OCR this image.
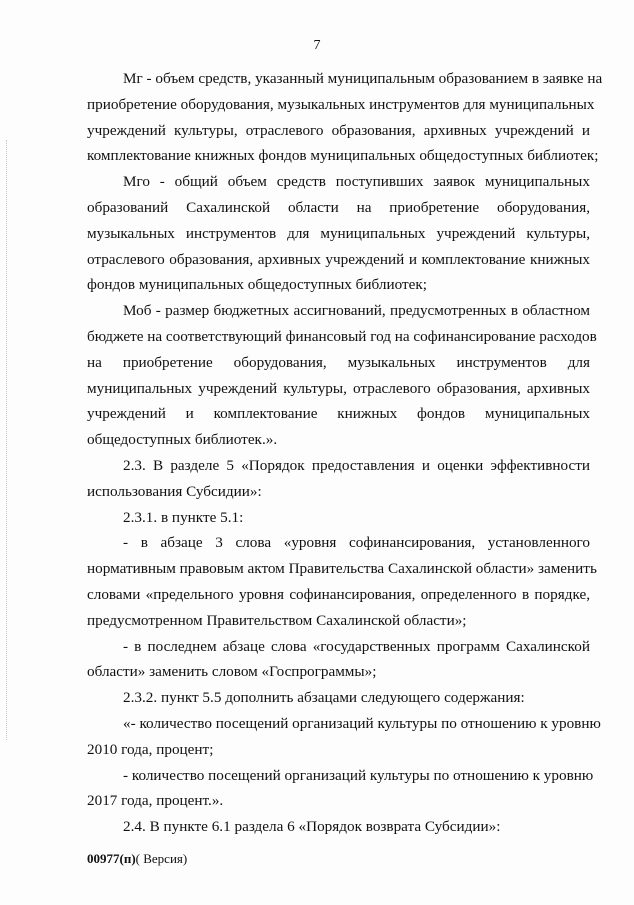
7
Мг - объем средств, указанный муниципальным образованием в заявке на
приобретение оборудования, музыкальных инструментов для муниципальных
учреждений культуры, отраслевого образования, архивных учреждений и
комплектование книжных фондов муниципальных общедоступных библиотек;
Мго - общий объем средств поступивших заявок муниципальных
образований Сахалинской области на приобретение оборудования,
музыкальных инструментов для муниципальных учреждений культуры,
отраслевого образования, архивных учреждений и комплектование книжных
фондов муниципальных общедоступных библиотек;
Моб - размер бюджетных ассигнований, предусмотренных в областном
бюджете на соответствующий финансовый год на софинансирование расходов
на приобретение оборудования, музыкальных инструментов для
муниципальных учреждений культуры, отраслевого образования, архивных
учреждений и комплектование книжных фондов муниципальных
общедоступных библиотек.».
2.3. В разделе 5 «Порядок предоставления и оценки эффективности
использования Субсидии»:
2.3.1. в пункте 5.1:
- в абзаце 3 слова «уровня софинансирования, установленного
нормативным правовым актом Правительства Сахалинской области» заменить
словами «предельного уровня софинансирования, определенного в порядке,
предусмотренном Правительством Сахалинской области»;
- в последнем абзаце слова «государственных программ Сахалинской
области» заменить словом «Госпрограммы»;
2.3.2. пункт 5.5 дополнить абзацами следующего содержания:
«- количество посещений организаций культуры по отношению к уровню
2010 года, процент;
- количество посещений организаций культуры по отношению к уровню
2017 года, процент.».
2.4. В пункте 6.1 раздела 6 «Порядок возврата Субсидии»:
00977(п)( Версия)
